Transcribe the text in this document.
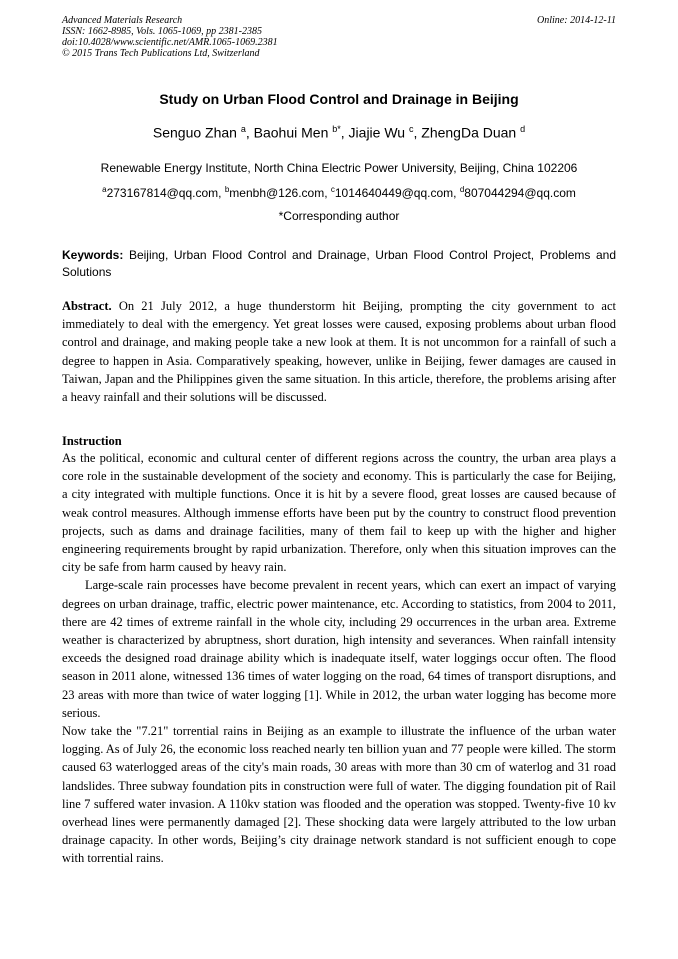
Advanced Materials Research
ISSN: 1662-8985, Vols. 1065-1069, pp 2381-2385
doi:10.4028/www.scientific.net/AMR.1065-1069.2381
© 2015 Trans Tech Publications Ltd, Switzerland
Online: 2014-12-11
Study on Urban Flood Control and Drainage in Beijing
Senguo Zhan $^a$, Baohui Men $^{b*}$, Jiajie Wu $^c$, ZhengDa Duan $^d$
Renewable Energy Institute, North China Electric Power University, Beijing, China 102206
$^a$273167814@qq.com, $^b$menbh@126.com, $^c$1014640449@qq.com, $^d$807044294@qq.com
*Corresponding author
Keywords: Beijing, Urban Flood Control and Drainage, Urban Flood Control Project, Problems and Solutions
Abstract. On 21 July 2012, a huge thunderstorm hit Beijing, prompting the city government to act immediately to deal with the emergency. Yet great losses were caused, exposing problems about urban flood control and drainage, and making people take a new look at them. It is not uncommon for a rainfall of such a degree to happen in Asia. Comparatively speaking, however, unlike in Beijing, fewer damages are caused in Taiwan, Japan and the Philippines given the same situation. In this article, therefore, the problems arising after a heavy rainfall and their solutions will be discussed.
Instruction

As the political, economic and cultural center of different regions across the country, the urban area plays a core role in the sustainable development of the society and economy. This is particularly the case for Beijing, a city integrated with multiple functions. Once it is hit by a severe flood, great losses are caused because of weak control measures. Although immense efforts have been put by the country to construct flood prevention projects, such as dams and drainage facilities, many of them fail to keep up with the higher and higher engineering requirements brought by rapid urbanization. Therefore, only when this situation improves can the city be safe from harm caused by heavy rain.

Large-scale rain processes have become prevalent in recent years, which can exert an impact of varying degrees on urban drainage, traffic, electric power maintenance, etc. According to statistics, from 2004 to 2011, there are 42 times of extreme rainfall in the whole city, including 29 occurrences in the urban area. Extreme weather is characterized by abruptness, short duration, high intensity and severances. When rainfall intensity exceeds the designed road drainage ability which is inadequate itself, water loggings occur often. The flood season in 2011 alone, witnessed 136 times of water logging on the road, 64 times of transport disruptions, and 23 areas with more than twice of water logging [1]. While in 2012, the urban water logging has become more serious.

Now take the "7.21" torrential rains in Beijing as an example to illustrate the influence of the urban water logging. As of July 26, the economic loss reached nearly ten billion yuan and 77 people were killed. The storm caused 63 waterlogged areas of the city's main roads, 30 areas with more than 30 cm of waterlog and 31 road landslides. Three subway foundation pits in construction were full of water. The digging foundation pit of Rail line 7 suffered water invasion. A 110kv station was flooded and the operation was stopped. Twenty-five 10 kv overhead lines were permanently damaged [2]. These shocking data were largely attributed to the low urban drainage capacity. In other words, Beijing’s city drainage network standard is not sufficient enough to cope with torrential rains.
